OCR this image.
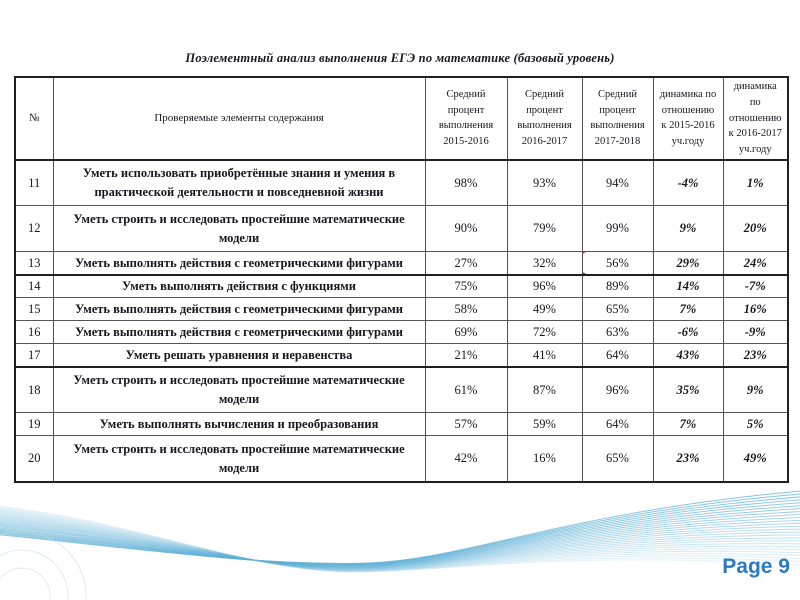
Поэлементный анализ выполнения ЕГЭ по математике (базовый уровень)
№	Проверяемые элементы содержания	Средний процент выполнения 2015-2016	Средний процент выполнения 2016-2017	Средний процент выполнения 2017-2018	динамика по отношению к 2015-2016 уч.году	динамика по отношению к 2016-2017 уч.году
11	Уметь использовать приобретённые знания и умения в практической деятельности и повседневной жизни	98%	93%	94%	-4%	1%
12	Уметь строить и исследовать простейшие математические модели	90%	79%	99%	9%	20%
13	Уметь выполнять действия с геометрическими фигурами	27%	32%	56%	29%	24%
14	Уметь выполнять действия с функциями	75%	96%	89%	14%	-7%
15	Уметь выполнять действия с геометрическими фигурами	58%	49%	65%	7%	16%
16	Уметь выполнять действия с геометрическими фигурами	69%	72%	63%	-6%	-9%
17	Уметь решать уравнения и неравенства	21%	41%	64%	43%	23%
18	Уметь строить и исследовать простейшие математические модели	61%	87%	96%	35%	9%
19	Уметь выполнять вычисления и преобразования	57%	59%	64%	7%	5%
20	Уметь строить и исследовать простейшие математические модели	42%	16%	65%	23%	49%
Page 9
